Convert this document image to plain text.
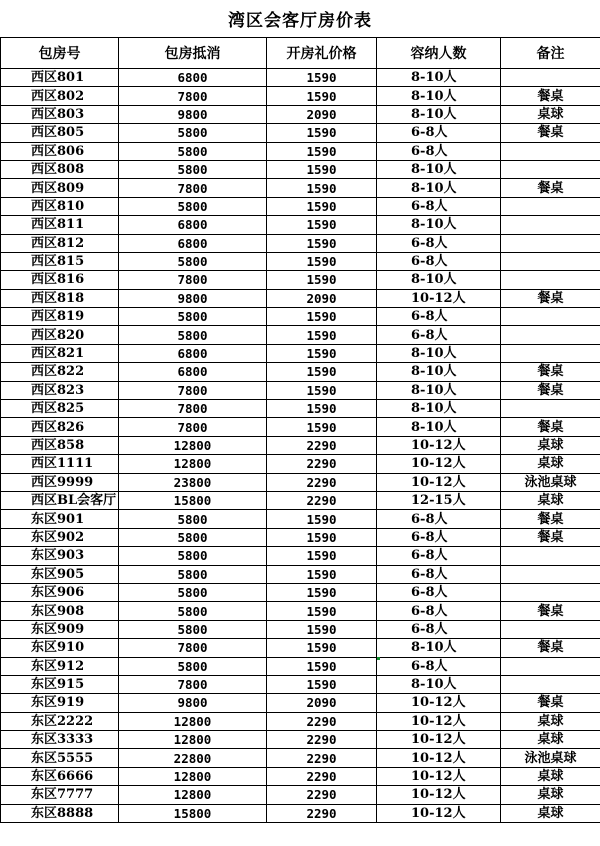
湾区会客厅房价表
包房号	包房抵消	开房礼价格	容纳人数	备注
西区801	6800	1590	8-10人	
西区802	7800	1590	8-10人	餐桌
西区803	9800	2090	8-10人	桌球
西区805	5800	1590	6-8人	餐桌
西区806	5800	1590	6-8人	
西区808	5800	1590	8-10人	
西区809	7800	1590	8-10人	餐桌
西区810	5800	1590	6-8人	
西区811	6800	1590	8-10人	
西区812	6800	1590	6-8人	
西区815	5800	1590	6-8人	
西区816	7800	1590	8-10人	
西区818	9800	2090	10-12人	餐桌
西区819	5800	1590	6-8人	
西区820	5800	1590	6-8人	
西区821	6800	1590	8-10人	
西区822	6800	1590	8-10人	餐桌
西区823	7800	1590	8-10人	餐桌
西区825	7800	1590	8-10人	
西区826	7800	1590	8-10人	餐桌
西区858	12800	2290	10-12人	桌球
西区1111	12800	2290	10-12人	桌球
西区9999	23800	2290	10-12人	泳池桌球
西区BL会客厅	15800	2290	12-15人	桌球
东区901	5800	1590	6-8人	餐桌
东区902	5800	1590	6-8人	餐桌
东区903	5800	1590	6-8人	
东区905	5800	1590	6-8人	
东区906	5800	1590	6-8人	
东区908	5800	1590	6-8人	餐桌
东区909	5800	1590	6-8人	
东区910	7800	1590	8-10人	餐桌
东区912	5800	1590	6-8人	
东区915	7800	1590	8-10人	
东区919	9800	2090	10-12人	餐桌
东区2222	12800	2290	10-12人	桌球
东区3333	12800	2290	10-12人	桌球
东区5555	22800	2290	10-12人	泳池桌球
东区6666	12800	2290	10-12人	桌球
东区7777	12800	2290	10-12人	桌球
东区8888	15800	2290	10-12人	桌球
